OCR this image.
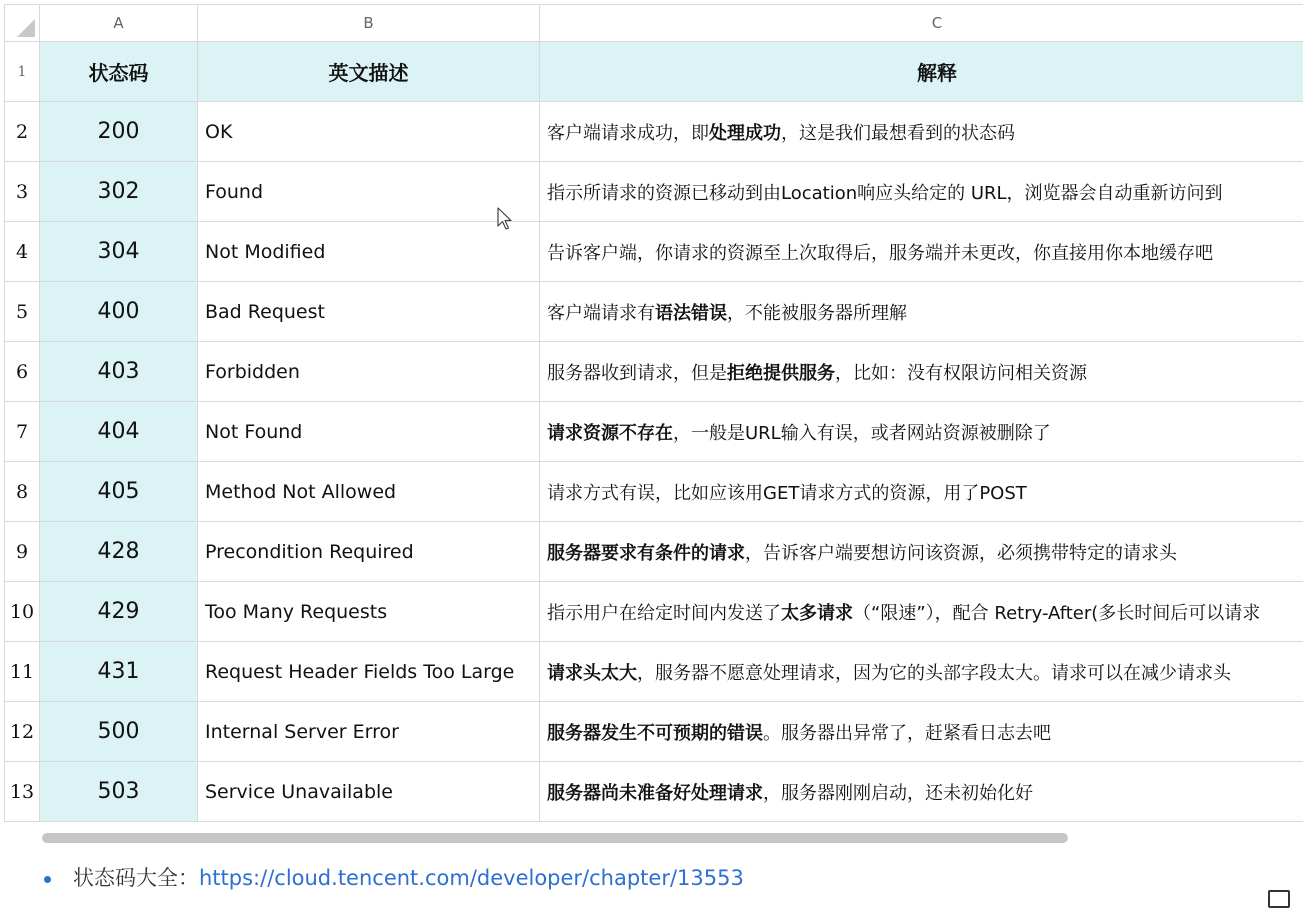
	A	B	C
1	状态码	英文描述	解释
2	200	OK	客户端请求成功，即处理成功，这是我们最想看到的状态码
3	302	Found	指示所请求的资源已移动到由Location响应头给定的 URL，浏览器会自动重新访问到
4	304	Not Modified	告诉客户端，你请求的资源至上次取得后，服务端并未更改，你直接用你本地缓存吧
5	400	Bad Request	客户端请求有语法错误，不能被服务器所理解
6	403	Forbidden	服务器收到请求，但是拒绝提供服务，比如：没有权限访问相关资源
7	404	Not Found	请求资源不存在，一般是URL输入有误，或者网站资源被删除了
8	405	Method Not Allowed	请求方式有误，比如应该用GET请求方式的资源，用了POST
9	428	Precondition Required	服务器要求有条件的请求，告诉客户端要想访问该资源，必须携带特定的请求头
10	429	Too Many Requests	指示用户在给定时间内发送了太多请求（“限速”），配合 Retry-After(多长时间后可以请求
11	431	Request Header Fields Too Large	请求头太大，服务器不愿意处理请求，因为它的头部字段太大。请求可以在减少请求头
12	500	Internal Server Error	服务器发生不可预期的错误。服务器出异常了，赶紧看日志去吧
13	503	Service Unavailable	服务器尚未准备好处理请求，服务器刚刚启动，还未初始化好
状态码大全：https://cloud.tencent.com/developer/chapter/13553
